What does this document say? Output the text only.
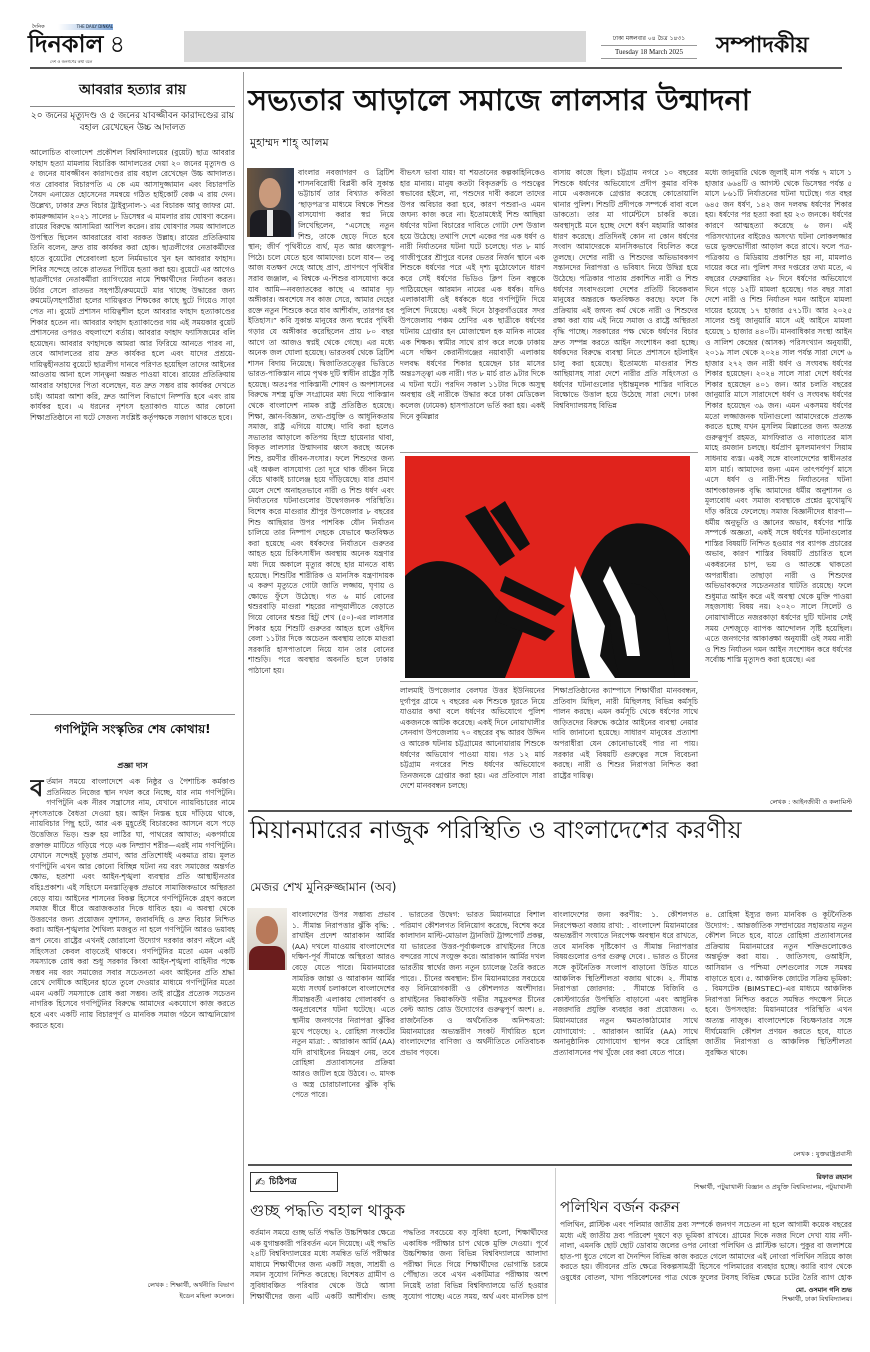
দৈনিক	THE DAILY DINKAL
দিনকাল ৪
দেশ ও জনগণের কথা বলে
ঢাকা মঙ্গলবার ০৪ চৈত্র ১৪৩১
Tuesday 18 March 2025	সম্পাদকীয়
আবরার হত্যার রায়
২০ জনের মৃত্যুদণ্ড ও ৫ জনের যাবজ্জীবন কারাদণ্ডের রায় বহাল রেখেছেন উচ্চ আদালত
আলোচিত বাংলাদেশ প্রকৌশল বিশ্ববিদ্যালয়ের (বুয়েট) ছাত্র আবরার ফাহাদ হত্যা মামলায় বিচারিক আদালতের দেয়া ২০ জনের মৃত্যুদণ্ড ও ৫ জনের যাবজ্জীবন কারাদণ্ডের রায় বহাল রেখেছেন উচ্চ আদালত। গত রোববার বিচারপতি এ কে এম আসাদুজ্জামান এবং বিচারপতি সৈয়দ এনায়েত হোসেনের সমন্বয়ে গঠিত হাইকোর্ট বেঞ্চ এ রায় দেন। উল্লেখ্য, ঢাকার দ্রুত বিচার ট্রাইব্যুনাল-১ এর বিচারক আবু জাফর মো. কামরুজ্জামান ২০২১ সালের ৮ ডিসেম্বর এ মামলার রায় ঘোষণা করেন। রায়ের বিরুদ্ধে আসামিরা আপিল করেন। রায় ঘোষণার সময় আদালতে উপস্থিত ছিলেন আবরারের বাবা বরকত উল্লাহ। রায়ের প্রতিক্রিয়ায় তিনি বলেন, দ্রুত রায় কার্যকর করা হোক। ছাত্রলীগের নেতাকর্মীদের হাতে বুয়েটের শেরেবাংলা হলে নির্মমভাবে খুন হন আবরার ফাহাদ। শিবির সন্দেহে তাকে রাতভর পিটিয়ে হত্যা করা হয়। বুয়েটে এর আগেও ছাত্রলীগের নেতাকর্মীরা র‍্যাগিংয়ের নামে শিক্ষার্থীদের নির্যাতন করত। টর্চার সেলে রাতভর সহপাঠী/রুমমেটে মার খাচ্ছে উদ্ধারের জন্য রুমমেট/সহপাঠীরা হলের দায়িত্বরত শিক্ষকের কাছে ছুটে গিয়েও সাড়া পেত না। বুয়েট প্রশাসন দায়িত্বশীল হলে আবরার ফাহাদ হত্যাকাণ্ডের শিকার হতেন না। আবরার ফাহাদ হত্যাকাণ্ডের দায় এই সময়কার বুয়েট প্রশাসনের ওপরও বহুলাংশে বর্তায়। আবরার ফাহাদ ফ্যাসিজমের বলি হয়েছেন। আবরার ফাহাদকে আমরা আর ফিরিয়ে আনতে পারব না, তবে আদালতের রায় দ্রুত কার্যকর হলে এবং যাদের প্রশ্রয়ে-দায়িত্বহীনতায় বুয়েটে ছাত্রলীগ দানবে পরিণত হয়েছিল তাদের আইনের আওতায় আনা হলে সান্ত্বনা অন্তত পাওয়া যাবে। রায়ের প্রতিক্রিয়ায় আবরার ফাহাদের পিতা বলেছেন, যত দ্রুত সম্ভব রায় কার্যকর দেখতে চাই। আমরা আশা করি, দ্রুত আপিল বিভাগে নিষ্পত্তি হবে এবং রায় কার্যকর হবে। এ ধরনের নৃশংস হত্যাকাণ্ড যাতে আর কোনো শিক্ষাপ্রতিষ্ঠানে না ঘটে সেজন্য সংশ্লিষ্ট কর্তৃপক্ষকে সজাগ থাকতে হবে।
গণপিটুনি সংস্কৃতির শেষ কোথায়!
প্রজ্ঞা দাস
ব র্তমান সময়ে বাংলাদেশে এক নিষ্ঠুর ও পৈশাচিক কর্মকাণ্ড প্রতিনিয়ত নিজের স্থান দখল করে নিচ্ছে, যার নাম গণপিটুনি। গণপিটুনি এক নীরব সন্ত্রাসের নাম, যেখানে ন্যায়বিচারের নামে নৃশংসতাকে বৈধতা দেওয়া হয়। আইন নিস্তব্ধ হয়ে দাঁড়িয়ে থাকে, ন্যায়বিচার পিছু হটে, আর এক মুহূর্তেই বিচারকের আসনে বসে পড়ে উত্তেজিত ভিড়। শুরু হয় লাঠির ঘা, পাথরের আঘাত; একপর্যায়ে রক্তাক্ত মাটিতে গড়িয়ে পড়ে এক নিষ্প্রাণ শরীর—এরই নাম গণপিটুনি। যেখানে সন্দেহই চূড়ান্ত প্রমাণ, আর প্রতিশোধই একমাত্র রায়। মূলত গণপিটুনি এখন আর কোনো বিচ্ছিন্ন ঘটনা নয় বরং সমাজের অন্তর্গত ক্ষোভ, হতাশা এবং আইন-শৃঙ্খলা ব্যবস্থার প্রতি আস্থাহীনতার বহিঃপ্রকাশ। এই সহিংসে মনস্তাত্ত্বিক প্রভাবে সামাজিকভাবে অস্থিরতা বেড়ে যায়। আইনের শাসনের বিকল্প হিসেবে গণপিটুনিকে গ্রহণ করলে সমাজ ধীরে ধীরে অরাজকতার দিকে ধাবিত হয়। এ অবস্থা থেকে উত্তরণের জন্য প্রয়োজন সুশাসন, জবাবদিহি ও দ্রুত বিচার নিশ্চিত করা। আইন-শৃঙ্খলার শৈথিল্য মজবুত না হলে গণপিটুনি আরও ভয়াবহ রূপ নেবে। রাষ্ট্রের এখনই জোরালো উদ্যোগ দরকার কারণ নইলে এই সহিংসতা কেবল বাড়তেই থাকবে। গণপিটুনির মতো এমন একটি সমস্যাকে রোধ করা শুধু সরকার কিংবা আইন-শৃঙ্খলা বাহিনীর পক্ষে সম্ভব নয় বরং সমাজের সবার সচেতনতা এবং আইনের প্রতি শ্রদ্ধা রেখে দোষীকে আইনের হাতে তুলে দেওয়ার মাধ্যমে গণপিটুনির মতো এমন একটি সমস্যাকে রোধ করা সম্ভব। তাই রাষ্ট্রের প্রত্যেক সচেতন নাগরিক হিসেবে গণপিটুনির বিরুদ্ধে আমাদের একযোগে কাজ করতে হবে এবং একটি ন্যায় বিচারপূর্ণ ও মানবিক সমাজ গঠনে আত্মনিয়োগ করতে হবে।
লেখক : শিক্ষার্থী, অর্থনীতি বিভাগ
ইডেন মহিলা কলেজ।
সভ্যতার আড়ালে সমাজে লালসার উন্মাদনা
মুহাম্মদ শাহ্ আলম
বাংলার নবজাগরণ ও ব্রিটিশ শাসনবিরোধী বিপ্লবী কবি সুকান্ত ভট্টাচার্য তার বিখ্যাত কবিতা ‘ছাড়পত্র’র মাধ্যমে বিশ্বকে শিশুর বাসযোগ্য করার স্বপ্ন নিয়ে লিখেছিলেন, “এসেছে নতুন শিশু, তাকে ছেড়ে দিতে হবে স্থান; জীর্ণ পৃথিবীতে ব্যর্থ, মৃত আর ধ্বংসস্তূপ-পিঠে। চলে যেতে হবে আমাদের। চলে যাব— তবু আজ যতক্ষণ দেহে আছে প্রাণ, প্রাণপণে পৃথিবীর সরাব জঞ্জাল, এ বিশ্বকে এ-শিশুর বাসযোগ্য করে যাব আমি—নবজাতকের কাছে এ আমার দৃঢ় অঙ্গীকার। অবশেষে সব কাজ সেরে, আমার দেহের রক্তে নতুন শিশুকে করে যাব আশীর্বাদ, তারপর হব ইতিহাস।” কবি সুকান্ত মানুষের জন্য স্বপ্নের পৃথিবী গড়ার যে অঙ্গীকার করেছিলেন প্রায় ৮০ বছর আগে তা আজও স্বপ্নই থেকে গেছে। এর মধ্যে অনেক জল ঘোলা হয়েছে। ভারতবর্ষ থেকে ব্রিটিশ শাসন বিদায় নিয়েছে। দ্বিজাতিতত্ত্বের ভিত্তিতে ভারত-পাকিস্তান নামে পৃথক দুটি স্বাধীন রাষ্ট্রের সৃষ্টি হয়েছে। অতঃপর পাকিস্তানী শোষণ ও অপশাসনের বিরুদ্ধে সশস্ত্র মুক্তি সংগ্রামের মধ্য দিয়ে পাকিস্তান থেকে বাংলাদেশ নামক রাষ্ট্র প্রতিষ্ঠিত হয়েছে। শিক্ষা, জ্ঞান-বিজ্ঞান, তথ্য-প্রযুক্তি ও আধুনিকতায় সমাজ, রাষ্ট্র এগিয়ে যাচ্ছে। দাবি করা হলেও সভ্যতার আড়ালে কতিপয় হিংস্র হায়েনার থাবা, বিকৃত লালসার উন্মাদনায় ধ্বংস করছে অনেক শিশু, রমণীর জীবন-সংসার। ফলে শিশুদের জন্য এই অঞ্চল বাসযোগ্য তো দূরে থাক জীবন নিয়ে বেঁচে থাকাই চ্যালেঞ্জ হয়ে দাঁড়িয়েছে। যার প্রমাণ মেলে দেশে অনাহতভাবে নারী ও শিশু ধর্ষণ এবং নির্যাতনের ঘটনাগুলোর উদ্বেগজনক পরিস্থিতি। বিশেষ করে মাগুরার শ্রীপুর উপজেলার ৮ বছরের শিশু আছিয়ার উপর পাশবিক যৌন নির্যাতন চালিয়ে তার নিষ্পাপ দেহকে যেভাবে ক্ষতবিক্ষত করা হয়েছে এবং ধর্ষকদের নির্যাতনে গুরুতর আহত হয়ে চিকিৎসাধীন অবস্থায় অনেক যন্ত্রণার মধ্য দিয়ে অকালে মৃত্যুর কাছে হার মানতে বাধ্য হয়েছে। শিশুটির শারীরিক ও মানসিক যন্ত্রণাদায়ক এ করুণ মৃত্যুতে গোটা জাতি লজ্জায়, ঘৃণায় ও ক্ষোভে ফুঁসে উঠেছে। গত ৬ মার্চ বোনের শ্বশুরবাড়ি মাগুরা শহরের নান্দুয়ালীতে বেড়াতে গিয়ে বোনের শ্বশুর হিটু শেখ (৫০)-এর লালসার শিকার হয়ে শিশুটি গুরুতর আহত হলে ওইদিন বেলা ১১টার দিকে অচেতন অবস্থায় তাকে মাগুরা সরকারি হাসপাতালে নিয়ে যান তার বোনের শাশুড়ি। পরে অবস্থার অবনতি হলে ঢাকায় পাঠানো হয়।
বীভৎস ভাবা যায়! যা শয়তানের কল্পকাহিনিকেও হার মানায়। মানুষ কতটা বিকৃতরুচি ও পশুত্বের স্বভাবের হইলে, না, পশুদের দাবী করলে তাদের উপর অবিচার করা হবে, কারণ পশুরা-ও এমন জঘন্য কাজ করে না। ইতোমধ্যেই শিশু আছিয়া ধর্ষণের ঘটনা বিচারের দাবিতে গোটা দেশ উত্তাল হয়ে উঠেছে। তথাপি দেশে একের পর এক ধর্ষণ ও নারী নির্যাতনের ঘটনা ঘটে চলেছে। গত ৮ মার্চ গাজীপুরের শ্রীপুরে বনের ভেতর নির্জন স্থানে এক শিশুকে ধর্ষণের পরে এই দৃশ্য মুঠোফোনে ধারণ করে সেই ধর্ষণের ভিডিও ক্লিপ তিন বন্ধুকে পাঠিয়েছেন আরমান নামের এক ধর্ষক। যদিও এলাকাবাসী ওই ধর্ষককে ধরে গণপিটুনি দিয়ে পুলিশে দিয়েছে। একই দিনে ঠাকুরগাঁওয়ের সদর উপজেলায় পঞ্চম শ্রেণির এক ছাত্রীকে ধর্ষণের ঘটনায় গ্রেপ্তার হন মোজাম্মেল হক মানিক নামের এক শিক্ষক। স্বামীর সাথে রাগ করে লঞ্চে ঢাকায় এসে দক্ষিণ কেরানীগঞ্জের নয়াবাড়ী এলাকায় দলবদ্ধ ধর্ষণের শিকার হয়েছেন চার মাসের অন্তঃসত্ত্বা এক নারী। গত ৮ মার্চ রাত ৯টার দিকে এ ঘটনা ঘটে। পরদিন সকাল ১১টার দিকে অসুস্থ অবস্থায় ওই নারীকে উদ্ধার করে ঢাকা মেডিকেল কলেজ (ঢামেক) হাসপাতালে ভর্তি করা হয়। একই দিনে কুমিল্লার
বাসায় কাজে ছিল। চট্টগ্রাম নগরে ১০ বছরের শিশুকে ধর্ষণের অভিযোগে প্রদীপ কুমার বণিক নামে একজনকে গ্রেপ্তার করেছে কোতোয়ালি থানার পুলিশ। শিশুটি প্রদীপকে সম্পর্কে বাবা বলে ডাকতো। তার মা গার্মেন্টসে চাকরি করে। অবস্থাদৃষ্টে মনে হচ্ছে দেশে ধর্ষণ মহামারি আকার ধারণ করেছে। প্রতিদিনই কোন না কোন ধর্ষণের সংবাদ আমাদেরকে মানসিকভাবে বিচলিত করে তুলছে। দেশের নারী ও শিশুদের অভিভাবকগণ সন্তানদের নিরাপত্তা ও ভবিষ্যৎ নিয়ে উদ্বিগ্ন হয়ে উঠেছে। পত্রিকার পাতায় প্রকাশিত নারী ও শিশু ধর্ষণের সংবাদগুলো দেশের প্রতিটি বিবেকবান মানুষের অন্তরকে ক্ষতবিক্ষত করছে। ফলে কি প্রক্রিয়ায় এই জঘন্য কর্ম থেকে নারী ও শিশুদের রক্ষা করা যায় এই নিয়ে সমাজ ও রাষ্ট্রে অস্থিরতা বৃদ্ধি পাচ্ছে। সরকারের পক্ষ থেকে ধর্ষণের বিচার দ্রুত সম্পন্ন করতে আইন সংশোধন করা হচ্ছে। ধর্ষকদের বিরুদ্ধে ব্যবস্থা নিতে প্রশাসনে হটলাইন চালু করা হয়েছে। ইতোমধ্যে মাগুরার শিশু আছিয়াসহ সারা দেশে নারীর প্রতি সহিংসতা ও ধর্ষণের ঘটনাগুলোর দৃষ্টান্তমূলক শাস্তির দাবিতে বিক্ষোভে উত্তাল হয়ে উঠেছে সারা দেশে। ঢাকা বিশ্ববিদ্যালয়সহ বিভিন্ন
মধ্যে জানুয়ারি থেকে জুলাই মাস পর্যন্ত ৭ মাসে ১ হাজার ৬৬৪টি ও আগস্ট থেকে ডিসেম্বর পর্যন্ত ৫ মাসে ৮৬১টি নির্যাতনের ঘটনা ঘটেছে। গত বছর ৬৪৫ জন ধর্ষণ, ১৪২ জন দলবদ্ধ ধর্ষণের শিকার হয়। ধর্ষণের পর হত্যা করা হয় ২৩ জনকে। ধর্ষণের কারণে আত্মহত্যা করেছে ৬ জন। এই পরিসংখ্যানের বাইরেও অসংখ্য ঘটনা লোকলজ্জার ভয়ে ভুক্তভোগীরা আড়াল করে রাখে। ফলে পত্র-পত্রিকায় ও মিডিয়ায় প্রকাশিত হয় না, মামলাও দায়ের করে না। পুলিশ সদর দপ্তরের তথ্য মতে, এ বছরের ফেব্রুয়ারির ২৮ দিনে ধর্ষণের অভিযোগে দিনে গড়ে ১২টি মামলা হয়েছে। গত বছর সারা দেশে নারী ও শিশু নির্যাতন দমন আইনে মামলা দায়ের হয়েছে ১৭ হাজার ৫৭১টি। আর ২০২৫ সালের শুধু জানুয়ারি মাসে এই আইনে মামলা হয়েছে ১ হাজার ৪৪০টি। মানবাধিকার সংস্থা আইন ও সালিশ কেন্দ্রের (আসক) পরিসংখ্যান অনুযায়ী, ২০১৯ সাল থেকে ২০২৪ সাল পর্যন্ত সারা দেশে ৬ হাজার ২৭২ জন নারী ধর্ষণ ও সংঘবদ্ধ ধর্ষণের শিকার হয়েছেন। ২০২৪ সালে সারা দেশে ধর্ষণের শিকার হয়েছেন ৪০১ জন। আর চলতি বছরের জানুয়ারি মাসে সারাদেশে ধর্ষণ ও সংঘবদ্ধ ধর্ষণের শিকার হয়েছেন ৩৯ জন। এমন একসময় ধর্ষণের মতো লজ্জাজনক ঘটনাগুলো আমাদেরকে প্রত্যক্ষ করতে হচ্ছে যখন মুসলিম মিল্লাতের জন্য অত্যন্ত গুরুত্বপূর্ণ রহমত, মাগফিরাত ও নাজাতের মাস মাহে রমজান চলছে। ধর্মপ্রাণ মুসলমানগণ সিয়াম সাধনায় ব্যস্ত। একই সঙ্গে বাংলাদেশের স্বাধীনতার মাস মার্চ। আমাদের জন্য এমন তাৎপর্যপূর্ণ মাসে এসে ধর্ষণ ও নারী-শিশু নির্যাতনের ঘটনা আশংকাজনক বৃদ্ধি আমাদের ধর্মীয় অনুশাসন ও মূল্যবোধ এবং সমাজ ব্যবস্থাকে প্রশ্নের মুখোমুখি দাঁড় করিয়ে ফেলেছে। সমাজ বিজ্ঞানীদের ধারণা— ধর্মীয় অনুভূতি ও জ্ঞানের অভাব, ধর্ষণের শাস্তি সম্পর্কে অজ্ঞতা, একই সঙ্গে ধর্ষণের ঘটনাগুলোর শাস্তির বিষয়টি নিশ্চিত হওয়ার পর ব্যাপক প্রচারের অভাব, কারণ শাস্তির বিষয়টি প্রচারিত হলে একধরনের চাপ, ভয় ও আতঙ্কে থাকতো অপরাধীরা। তাছাড়া নারী ও শিশুদের অভিভাবকদের সচেতনতার ঘাটতি রয়েছে। ফলে শুধুমাত্র আইন করে এই অবস্থা থেকে মুক্তি পাওয়া সহজসাধ্য বিষয় নয়। ২০২০ সালে সিলেট ও নোয়াখালীতে নজরকাড়া ধর্ষণের দুটি ঘটনায় সেই সময় দেশজুড়ে ব্যাপক আন্দোলন সৃষ্টি হয়েছিল। এতে জনগণের আকাঙ্ক্ষা অনুযায়ী ওই সময় নারী ও শিশু নির্যাতন দমন আইন সংশোধন করে ধর্ষণের সর্বোচ্চ শাস্তি মৃত্যুদণ্ড করা হয়েছে। এর
লালমাই উপজেলার বেলঘর উত্তর ইউনিয়নের দুর্গাপুর গ্রামে ৭ বছরের এক শিশুকে ঘুরতে নিয়ে যাওয়ার কথা বলে ধর্ষণের অভিযোগে পুলিশ একজনকে আটক করেছে। একই দিনে নোয়াখালীর সেনবাগ উপজেলায় ৭০ বছরের বৃদ্ধ আরব উদ্দিন ও আরেক ঘটনায় চট্টগ্রামের আনোয়ারায় শিশুকে ধর্ষণের অভিযোগ পাওয়া যায়। গত ১২ মার্চ চট্টগ্রাম নগরের শিশু ধর্ষণের অভিযোগে তিনজনকে গ্রেপ্তার করা হয়। এর প্রতিবাদে সারা দেশে মানববন্ধন চলছে।
শিক্ষাপ্রতিষ্ঠানের ক্যাম্পাসে শিক্ষার্থীরা মানববন্ধন, প্রতিবাদ মিছিল, নারী মিছিলসহ বিভিন্ন কর্মসূচি পালন করছে। এমন কর্মসূচি থেকে ধর্ষণের সাথে জড়িতদের বিরুদ্ধে কঠোর আইনের ব্যবস্থা নেয়ার দাবি জানানো হয়েছে। সাধারণ মানুষের প্রত্যাশা অপরাধীরা যেন কোনোভাবেই পার না পায়। সরকার এই বিষয়টি গুরুত্বের সঙ্গে বিবেচনা করছে। নারী ও শিশুর নিরাপত্তা নিশ্চিত করা রাষ্ট্রের দায়িত্ব।
লেখক : আইনজীবী ও কলামিস্ট
মিয়ানমারের নাজুক পরিস্থিতি ও বাংলাদেশের করণীয়
মেজর শেখ মুনিরুজ্জামান (অব)
বাংলাদেশের উপর সম্ভাব্য প্রভাব ১. সীমান্ত নিরাপত্তার ঝুঁকি বৃদ্ধি: . রাখাইন প্রদেশ আরাকান আর্মির (AA) দখলে যাওয়ায় বাংলাদেশের দক্ষিণ-পূর্ব সীমান্তে অস্থিরতা আরও বেড়ে যেতে পারে। মিয়ানমারের সামরিক জান্তা ও আরাকান আর্মির মধ্যে সংঘর্ষ চলাকালে বাংলাদেশের সীমান্তবর্তী এলাকায় গোলাবর্ষণ ও অনুপ্রবেশের ঘটনা ঘটেছে। এতে স্থানীয় জনগণের নিরাপত্তা ঝুঁকির মুখে পড়েছে। ২. রোহিঙ্গা সংকটের নতুন মাত্রা: . আরাকান আর্মি (AA) যদি রাখাইনের নিয়ন্ত্রণ নেয়, তবে রোহিঙ্গা প্রত্যাবাসনের প্রক্রিয়া আরও জটিল হয়ে উঠবে। ৩. মাদক ও অস্ত্র চোরাচালানের ঝুঁকি বৃদ্ধি পেতে পারে।
. ভারতের উদ্বেগ: ভারত মিয়ানমারে বিশাল পরিমাণ কৌশলগত বিনিয়োগ করেছে, বিশেষ করে কালাদান মাল্টি-মোডাল ট্রানজিট ট্রান্সপোর্ট প্রকল্প, যা ভারতের উত্তর-পূর্বাঞ্চলকে রাখাইনের সিত্তে বন্দরের সাথে সংযুক্ত করে। আরাকান আর্মির দখল ভারতীয় স্বার্থের জন্য নতুন চ্যালেঞ্জ তৈরি করতে পারে। . চীনের অবস্থান: চীন মিয়ানমারের সবচেয়ে বড় বিনিয়োগকারী ও কৌশলগত অংশীদার। রাখাইনের কিয়াকফিউ গভীর সমুদ্রবন্দর চীনের বেল্ট অ্যান্ড রোড উদ্যোগের গুরুত্বপূর্ণ অংশ। ৪. রাজনৈতিক ও অর্থনৈতিক অনিশ্চয়তা: মিয়ানমারের অভ্যন্তরীণ সংকট দীর্ঘায়িত হলে বাংলাদেশের বাণিজ্য ও অর্থনীতিতে নেতিবাচক প্রভাব পড়বে।
বাংলাদেশের জন্য করণীয়: ১. কৌশলগত নিরপেক্ষতা বজায় রাখা: . বাংলাদেশ মিয়ানমারের অভ্যন্তরীণ সংঘাতে নিরপেক্ষ অবস্থান ধরে রাখতে, তবে মানবিক দৃষ্টিকোণ ও সীমান্ত নিরাপত্তার বিষয়গুলোর ওপর গুরুত্ব দেবে। . ভারত ও চীনের সঙ্গে কূটনৈতিক সংলাপ বাড়ানো উচিত যাতে আঞ্চলিক স্থিতিশীলতা বজায় থাকে। ২. সীমান্ত নিরাপত্তা জোরদার: . সীমান্তে বিজিবি ও কোস্টগার্ডের উপস্থিতি বাড়ানো এবং আধুনিক নজরদারি প্রযুক্তি ব্যবহার করা প্রয়োজন। ৩. মিয়ানমারের নতুন ক্ষমতাকাঠামোর সাথে যোগাযোগ: . আরাকান আর্মির (AA) সাথে অনানুষ্ঠানিক যোগাযোগ স্থাপন করে রোহিঙ্গা প্রত্যাবাসনের পথ খুঁজে বের করা যেতে পারে।
৪. রোহিঙ্গা ইস্যুর জন্য মানবিক ও কূটনৈতিক উদ্যোগ: . আন্তর্জাতিক সম্প্রদায়ের সহায়তায় নতুন কৌশল নিতে হবে, যাতে রোহিঙ্গা প্রত্যাবাসনের প্রক্রিয়ায় মিয়ানমারের নতুন শক্তিগুলোকেও অন্তর্ভুক্ত করা যায়। . জাতিসংঘ, ওআইসি, আসিয়ান ও পশ্চিমা দেশগুলোর সঙ্গে সমন্বয় বাড়াতে হবে। ৫. আঞ্চলিক জোটের সক্রিয় ভূমিকা: . বিমসটেক (BIMSTEC)-এর মাধ্যমে আঞ্চলিক নিরাপত্তা নিশ্চিত করতে সমন্বিত পদক্ষেপ নিতে হবে। উপসংহার: মিয়ানমারের পরিস্থিতি এখন অত্যন্ত নাজুক। বাংলাদেশকে বিচক্ষণতার সঙ্গে দীর্ঘমেয়াদি কৌশল প্রণয়ন করতে হবে, যাতে জাতীয় নিরাপত্তা ও আঞ্চলিক স্থিতিশীলতা সুরক্ষিত থাকে।
লেখক : যুক্তরাষ্ট্রপ্রবাসী
✍ চিঠিপত্র
গুচ্ছ পদ্ধতি বহাল থাকুক
বর্তমান সময়ে গুচ্ছ ভর্তি পদ্ধতি উচ্চশিক্ষার ক্ষেত্রে এক যুগান্তকারী পরিবর্তন এনে দিয়েছে। এই পদ্ধতি ২৪টি বিশ্ববিদ্যালয়ের মধ্যে সমন্বিত ভর্তি পরীক্ষার মাধ্যমে শিক্ষার্থীদের জন্য একটি সহজ, সাশ্রয়ী ও সমান সুযোগ নিশ্চিত করেছে। বিশেষত গ্রামীণ ও সুবিধাবঞ্চিত পরিবার থেকে উঠে আসা শিক্ষার্থীদের জন্য এটি একটি আশীর্বাদ। গুচ্ছ পদ্ধতির সবচেয়ে বড় সুবিধা হলো, শিক্ষার্থীদের একাধিক পরীক্ষার চাপ থেকে মুক্তি দেওয়া। পূর্বে উচ্চশিক্ষার জন্য বিভিন্ন বিশ্ববিদ্যালয়ে আলাদা পরীক্ষা দিতে গিয়ে শিক্ষার্থীদের ভোগান্তি চরমে পৌঁছাত। তবে এখন একটিমাত্র পরীক্ষায় অংশ নিয়েই তারা বিভিন্ন বিশ্ববিদ্যালয়ে ভর্তি হওয়ার সুযোগ পাচ্ছে। এতে সময়, অর্থ এবং মানসিক চাপ
রিফাত রহমান
শিক্ষার্থী, পটুয়াখালী বিজ্ঞান ও প্রযুক্তি বিশ্ববিদ্যালয়, পটুয়াখালী
পলিথিন বর্জন করুন
পলিথিন, প্লাস্টিক এবং পলিমার জাতীয় দ্রব্য সম্পর্কে জনগণ সচেতন না হলে আগামী কয়েক বছরের মধ্যে এই জাতীয় দ্রব্য পরিবেশ দূষণে বড় ভূমিকা রাখবে। গ্রামের দিকে নজর দিলে দেখা যায় নদী-নালা, এমনকি ছোট ছোট ডোবায় জলের ওপর নোংরা পলিথিন ও প্লাস্টিক ভাসে। পুকুর বা জলাশয়ে হাত-পা ধুতে গেলে বা দৈনন্দিন বিভিন্ন কাজ করতে গেলে আমাদের এই নোংরা পলিথিন সরিয়ে কাজ করতে হয়। জীবনের প্রতি ক্ষেত্রে বিকল্পসামগ্রী হিসেবে পলিমারের ব্যবহার হচ্ছে। ক্যারি ব্যাগ থেকে ওষুধের বোতল, খাদ্য পরিবেশনের পাত্র থেকে ফুলের টবসহ বিভিন্ন ক্ষেত্রে চটের তৈরি ব্যাগ হোক
মো. ওসমান গনি শুভ
শিক্ষার্থী, ঢাকা বিশ্ববিদ্যালয়।
